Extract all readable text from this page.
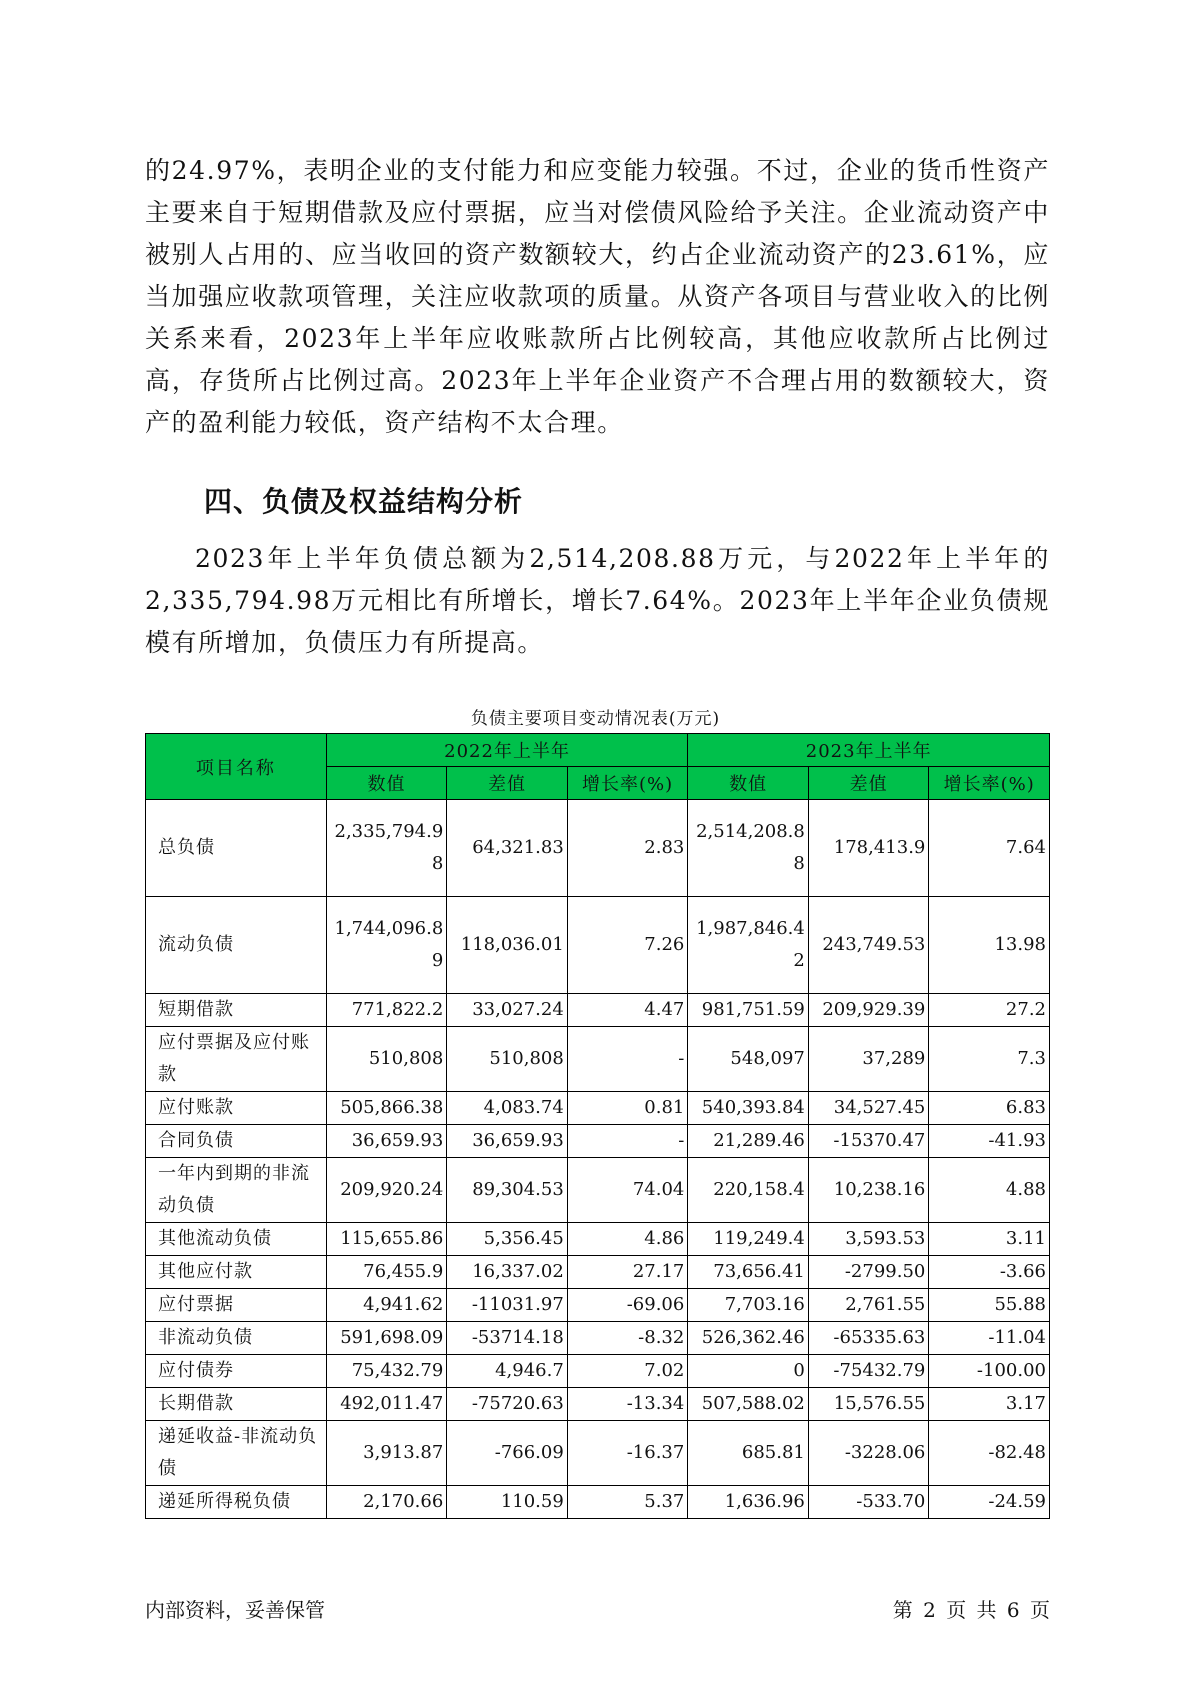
的24.97%，表明企业的支付能力和应变能力较强。不过，企业的货币性资产主要来自于短期借款及应付票据，应当对偿债风险给予关注。企业流动资产中被别人占用的、应当收回的资产数额较大，约占企业流动资产的23.61%，应当加强应收款项管理，关注应收款项的质量。从资产各项目与营业收入的比例关系来看，2023年上半年应收账款所占比例较高，其他应收款所占比例过高，存货所占比例过高。2023年上半年企业资产不合理占用的数额较大，资产的盈利能力较低，资产结构不太合理。

四、负债及权益结构分析

2023年上半年负债总额为2,514,208.88万元，与2022年上半年的2,335,794.98万元相比有所增长，增长7.64%。2023年上半年企业负债规模有所增加，负债压力有所提高。

负债主要项目变动情况表(万元)
项目名称	2022年上半年			2023年上半年		
	数值	差值	增长率(%)	数值	差值	增长率(%)
总负债	2,335,794.98	64,321.83	2.83	2,514,208.88	178,413.9	7.64
流动负债	1,744,096.89	118,036.01	7.26	1,987,846.42	243,749.53	13.98
短期借款	771,822.2	33,027.24	4.47	981,751.59	209,929.39	27.2
应付票据及应付账款	510,808	510,808	-	548,097	37,289	7.3
应付账款	505,866.38	4,083.74	0.81	540,393.84	34,527.45	6.83
合同负债	36,659.93	36,659.93	-	21,289.46	-15370.47	-41.93
一年内到期的非流动负债	209,920.24	89,304.53	74.04	220,158.4	10,238.16	4.88
其他流动负债	115,655.86	5,356.45	4.86	119,249.4	3,593.53	3.11
其他应付款	76,455.9	16,337.02	27.17	73,656.41	-2799.50	-3.66
应付票据	4,941.62	-11031.97	-69.06	7,703.16	2,761.55	55.88
非流动负债	591,698.09	-53714.18	-8.32	526,362.46	-65335.63	-11.04
应付债券	75,432.79	4,946.7	7.02	0	-75432.79	-100.00
长期借款	492,011.47	-75720.63	-13.34	507,588.02	15,576.55	3.17
递延收益-非流动负债	3,913.87	-766.09	-16.37	685.81	-3228.06	-82.48
递延所得税负债	2,170.66	110.59	5.37	1,636.96	-533.70	-24.59
内部资料，妥善保管	第 2 页 共 6 页
